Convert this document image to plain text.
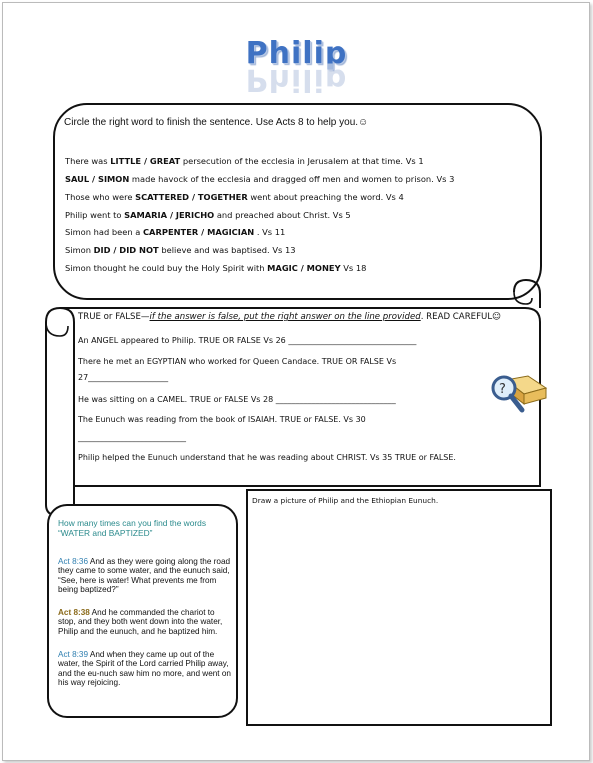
Philip
Philip
Circle the right word to finish the sentence. Use Acts 8 to help you.☺
There was LITTLE / GREAT persecution of the ecclesia in Jerusalem at that time. Vs 1
SAUL / SIMON made havock of the ecclesia and dragged off men and women to prison. Vs 3
Those who were SCATTERED / TOGETHER went about preaching the word. Vs 4
Philip went to SAMARIA / JERICHO and preached about Christ. Vs 5
Simon had been a CARPENTER / MAGICIAN . Vs 11
Simon DID / DID NOT believe and was baptised. Vs 13
Simon thought he could buy the Holy Spirit with MAGIC / MONEY Vs 18
TRUE or FALSE—if the answer is false, put the right answer on the line provided. READ CAREFUL☺
An ANGEL appeared to Philip. TRUE OR FALSE Vs 26 ________________________________
There he met an EGYPTIAN who worked for Queen Candace. TRUE OR FALSE Vs
27____________________
He was sitting on a CAMEL. TRUE or FALSE Vs 28 ______________________________
The Eunuch was reading from the book of ISAIAH. TRUE or FALSE. Vs 30
___________________________
Philip helped the Eunuch understand that he was reading about CHRIST. Vs 35 TRUE or FALSE.
?
How many times can you find the words “WATER and BAPTIZED”
Act 8:36 And as they were going along the road they came to some water, and the eunuch said, “See, here is water! What prevents me from being baptized?”
Act 8:38 And he commanded the chariot to stop, and they both went down into the water, Philip and the eunuch, and he baptized him.
Act 8:39 And when they came up out of the water, the Spirit of the Lord carried Philip away, and the eu-nuch saw him no more, and went on his way rejoicing.
Draw a picture of Philip and the Ethiopian Eunuch.
